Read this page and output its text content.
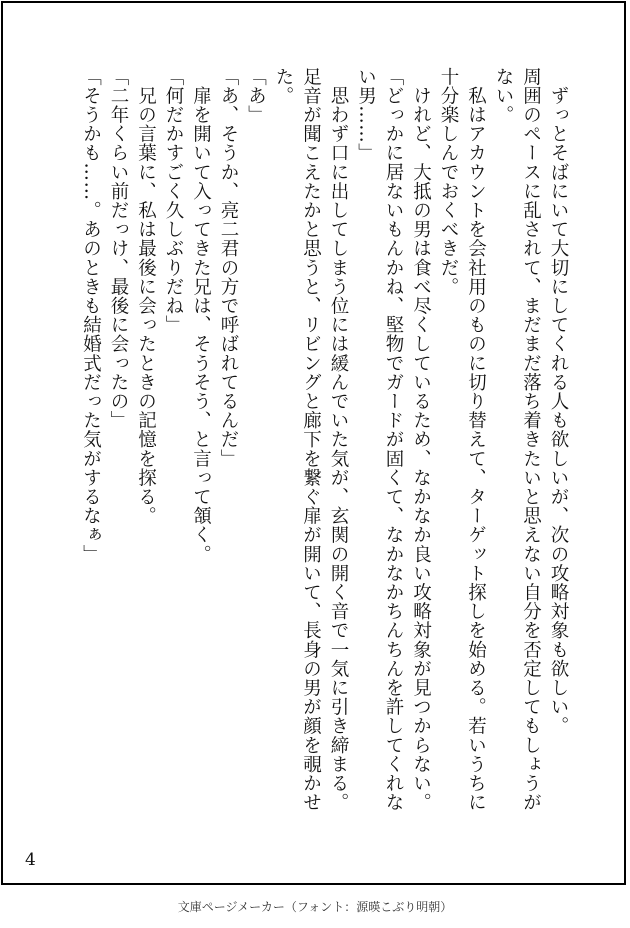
　ずっとそばにいて大切にしてくれる人も欲しいが、次の攻略対象も欲しい。
周囲のペースに乱されて、まだまだ落ち着きたいと思えない自分を否定してもしょうが
ない。
　私はアカウントを会社用のものに切り替えて、ターゲット探しを始める。若いうちに
十分楽しんでおくべきだ。
　けれど、大抵の男は食べ尽くしているため、なかなか良い攻略対象が見つからない。
「どっかに居ないもんかね、堅物でガードが固くて、なかなかちんちんを許してくれな
い男……」
　思わず口に出してしまう位には緩んでいた気が、玄関の開く音で一気に引き締まる。
足音が聞こえたかと思うと、リビングと廊下を繋ぐ扉が開いて、長身の男が顔を覗かせ
た。
「あ」
「あ、そうか、亮二君の方で呼ばれてるんだ」
　扉を開いて入ってきた兄は、そうそう、と言って頷く。
「何だかすごく久しぶりだね」
　兄の言葉に、私は最後に会ったときの記憶を探る。
「二年くらい前だっけ、最後に会ったの」
「そうかも……。あのときも結婚式だった気がするなぁ」
4
文庫ページメーカー（フォント：源暎こぶり明朝）
